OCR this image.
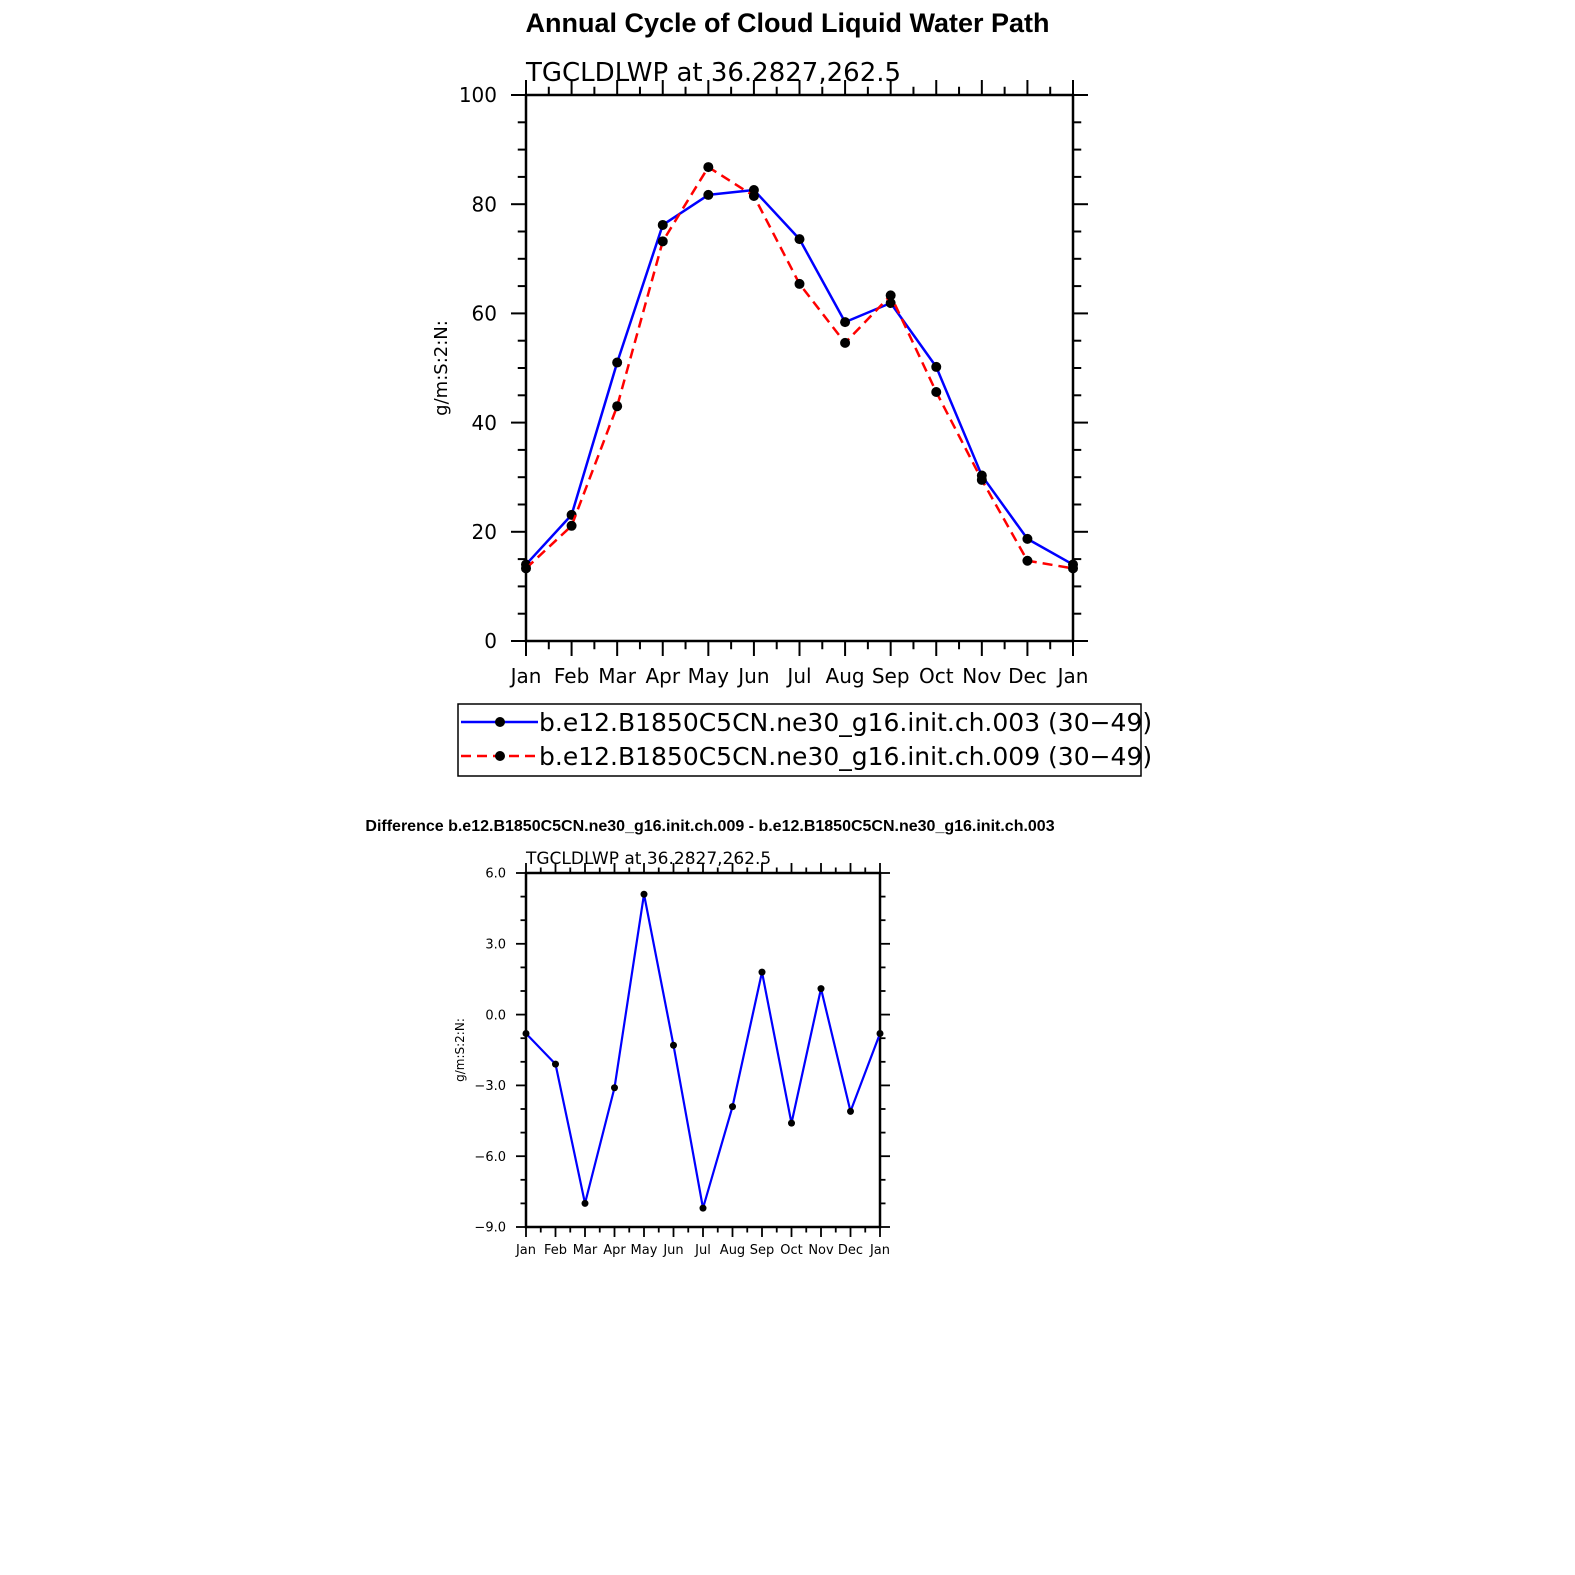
Annual Cycle of Cloud Liquid Water Path
Difference b.e12.B1850C5CN.ne30_g16.init.ch.009 - b.e12.B1850C5CN.ne30_g16.init.ch.003
Jan Feb Mar Apr May Jun Jul Aug Sep Oct Nov Dec Jan
0
20
40
60
80
100
TGCLDLWP at 36.2827,262.5
g/m:S:2:N:
b.e12.B1850C5CN.ne30_g16.init.ch.003 (30−49)
b.e12.B1850C5CN.ne30_g16.init.ch.009 (30−49)
Jan Feb Mar Apr May Jun Jul Aug Sep Oct Nov Dec Jan
−9.0
−6.0
−3.0
0.0
3.0
6.0
TGCLDLWP at 36.2827,262.5
g/m:S:2:N:
